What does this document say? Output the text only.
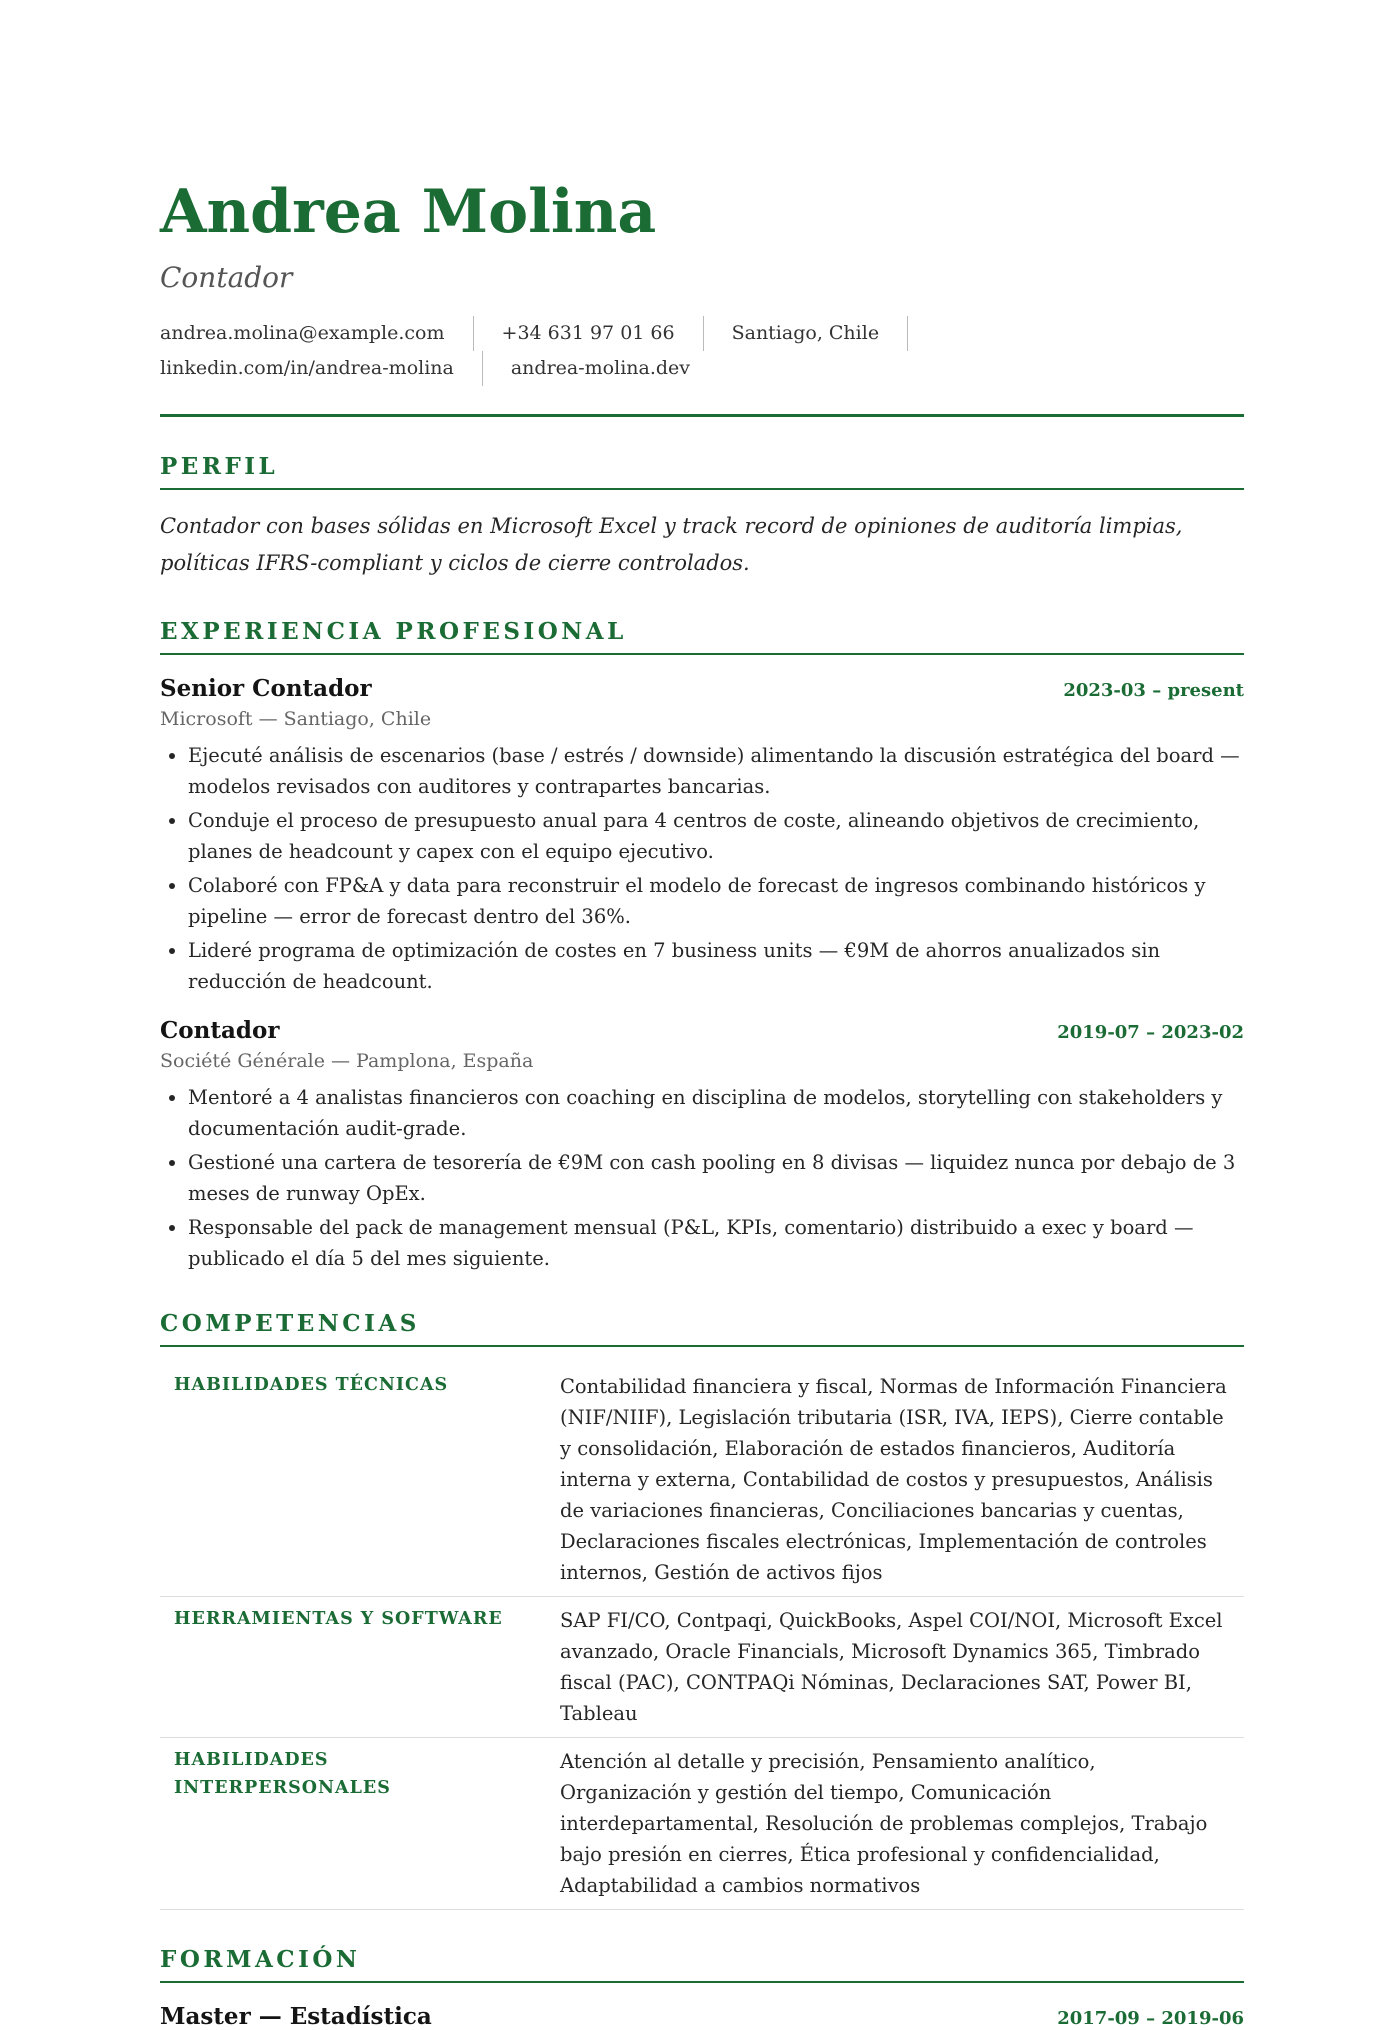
Andrea Molina
Contador
andrea.molina@example.com	+34 631 97 01 66	Santiago, Chile
linkedin.com/in/andrea-molina	andrea-molina.dev
PERFIL
Contador con bases sólidas en Microsoft Excel y track record de opiniones de auditoría limpias, políticas IFRS-compliant y ciclos de cierre controlados.
EXPERIENCIA PROFESIONAL
Senior Contador	2023-03 – present
Microsoft — Santiago, Chile
• Ejecuté análisis de escenarios (base / estrés / downside) alimentando la discusión estratégica del board — modelos revisados con auditores y contrapartes bancarias.
• Conduje el proceso de presupuesto anual para 4 centros de coste, alineando objetivos de crecimiento, planes de headcount y capex con el equipo ejecutivo.
• Colaboré con FP&A y data para reconstruir el modelo de forecast de ingresos combinando históricos y pipeline — error de forecast dentro del 36%.
• Lideré programa de optimización de costes en 7 business units — €9M de ahorros anualizados sin reducción de headcount.
Contador	2019-07 – 2023-02
Société Générale — Pamplona, España
• Mentoré a 4 analistas financieros con coaching en disciplina de modelos, storytelling con stakeholders y documentación audit-grade.
• Gestioné una cartera de tesorería de €9M con cash pooling en 8 divisas — liquidez nunca por debajo de 3 meses de runway OpEx.
• Responsable del pack de management mensual (P&L, KPIs, comentario) distribuido a exec y board — publicado el día 5 del mes siguiente.
COMPETENCIAS
HABILIDADES TÉCNICAS	Contabilidad financiera y fiscal, Normas de Información Financiera (NIF/NIIF), Legislación tributaria (ISR, IVA, IEPS), Cierre contable y consolidación, Elaboración de estados financieros, Auditoría interna y externa, Contabilidad de costos y presupuestos, Análisis de variaciones financieras, Conciliaciones bancarias y cuentas, Declaraciones fiscales electrónicas, Implementación de controles internos, Gestión de activos fijos
HERRAMIENTAS Y SOFTWARE	SAP FI/CO, Contpaqi, QuickBooks, Aspel COI/NOI, Microsoft Excel avanzado, Oracle Financials, Microsoft Dynamics 365, Timbrado fiscal (PAC), CONTPAQi Nóminas, Declaraciones SAT, Power BI, Tableau
HABILIDADES INTERPERSONALES	Atención al detalle y precisión, Pensamiento analítico, Organización y gestión del tiempo, Comunicación interdepartamental, Resolución de problemas complejos, Trabajo bajo presión en cierres, Ética profesional y confidencialidad, Adaptabilidad a cambios normativos
FORMACIÓN
Master — Estadística	2017-09 – 2019-06
